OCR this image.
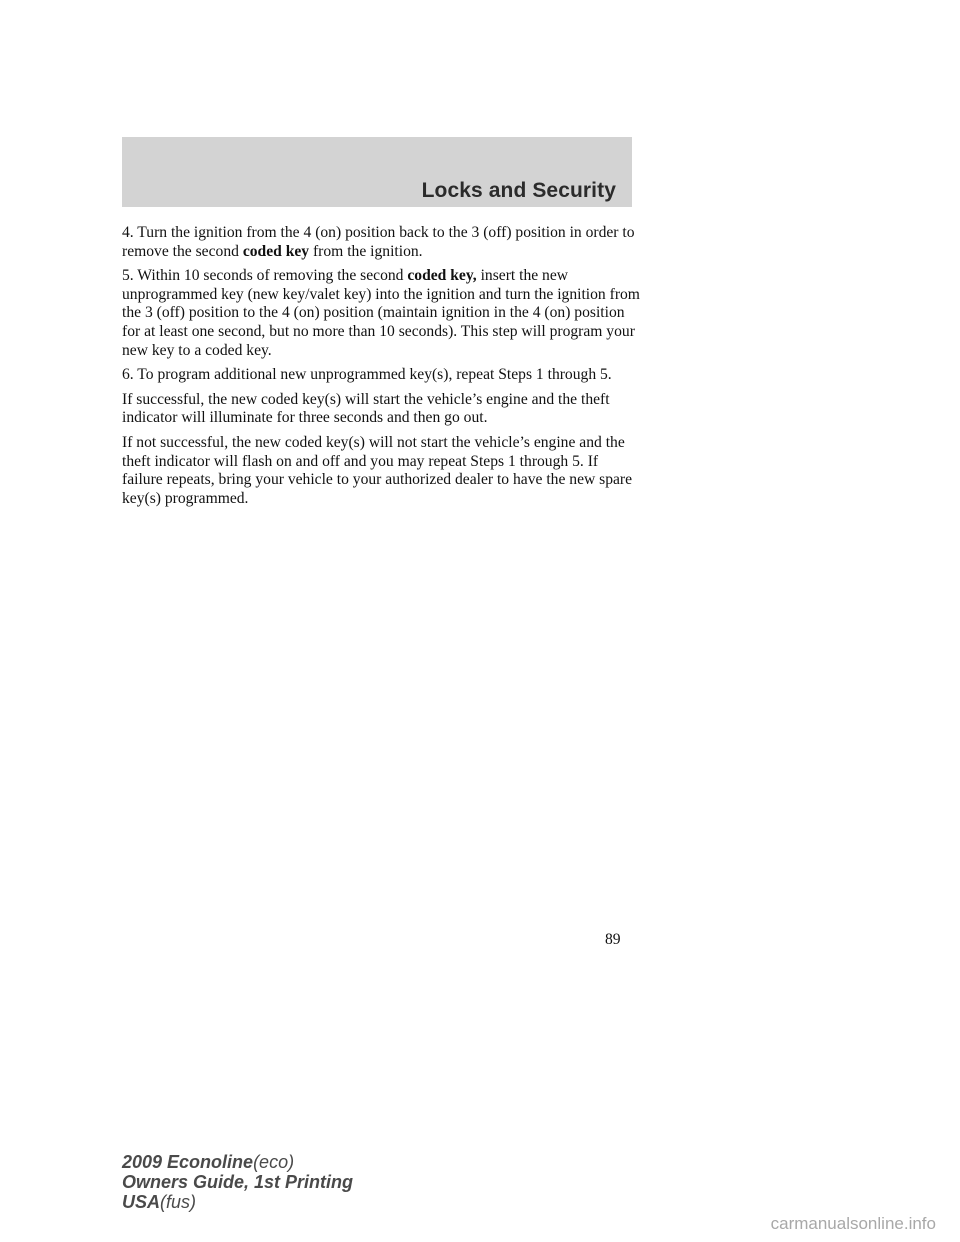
Locks and Security

4. Turn the ignition from the 4 (on) position back to the 3 (off) position in order to remove the second coded key from the ignition.

5. Within 10 seconds of removing the second coded key, insert the new unprogrammed key (new key/valet key) into the ignition and turn the ignition from the 3 (off) position to the 4 (on) position (maintain ignition in the 4 (on) position for at least one second, but no more than 10 seconds). This step will program your new key to a coded key.

6. To program additional new unprogrammed key(s), repeat Steps 1 through 5.

If successful, the new coded key(s) will start the vehicle’s engine and the theft indicator will illuminate for three seconds and then go out.

If not successful, the new coded key(s) will not start the vehicle’s engine and the theft indicator will flash on and off and you may repeat Steps 1 through 5. If failure repeats, bring your vehicle to your authorized dealer to have the new spare key(s) programmed.

89
2009 Econoline(eco)
Owners Guide, 1st Printing
USA(fus)
carmanualsonline.info
